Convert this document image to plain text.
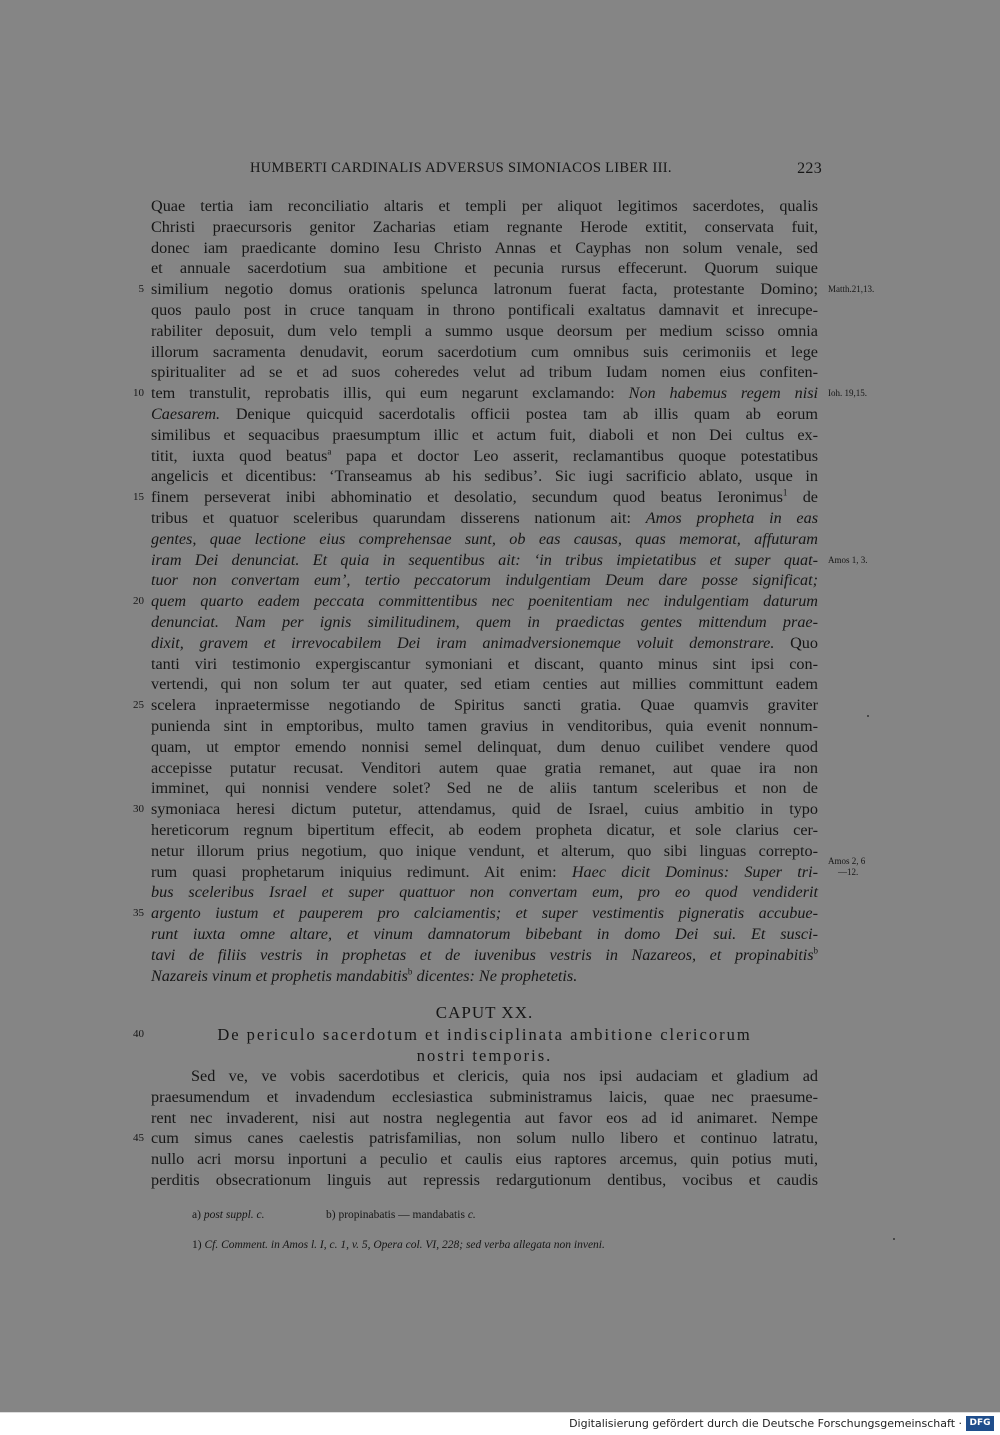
HUMBERTI CARDINALIS ADVERSUS SIMONIACOS LIBER III.	223
Quae tertia iam reconciliatio altaris et templi per aliquot legitimos sacerdotes, qualis
Christi praecursoris genitor Zacharias etiam regnante Herode extitit, conservata fuit,
donec iam praedicante domino Iesu Christo Annas et Cayphas non solum venale, sed
et annuale sacerdotium sua ambitione et pecunia rursus effecerunt. Quorum suique
similium negotio domus orationis spelunca latronum fuerat facta, protestante Domino;
5	Matth.21,13.
quos paulo post in cruce tanquam in throno pontificali exaltatus damnavit et inrecupe-
rabiliter deposuit, dum velo templi a summo usque deorsum per medium scisso omnia
illorum sacramenta denudavit, eorum sacerdotium cum omnibus suis cerimoniis et lege
spiritualiter ad se et ad suos coheredes velut ad tribum Iudam nomen eius confiten-
tem transtulit, reprobatis illis, qui eum negarunt exclamando: Non habemus regem nisi
10	Ioh. 19,15.
Caesarem. Denique quicquid sacerdotalis officii postea tam ab illis quam ab eorum
similibus et sequacibus praesumptum illic et actum fuit, diaboli et non Dei cultus ex-
titit, iuxta quod beatus$^a$ papa et doctor Leo asserit, reclamantibus quoque potestatibus
angelicis et dicentibus: ‘Transeamus ab his sedibus’. Sic iugi sacrificio ablato, usque in
finem perseverat inibi abhominatio et desolatio, secundum quod beatus Ieronimus$^1$ de
15
tribus et quatuor sceleribus quarundam disserens nationum ait: Amos propheta in eas
gentes, quae lectione eius comprehensae sunt, ob eas causas, quas memorat, affuturam
iram Dei denunciat. Et quia in sequentibus ait: ‘in tribus impietatibus et super quat- Amos 1, 3.
tuor non convertam eum’, tertio peccatorum indulgentiam Deum dare posse significat;
quem quarto eadem peccata committentibus nec poenitentiam nec indulgentiam daturum
20
denunciat. Nam per ignis similitudinem, quem in praedictas gentes mittendum prae-
dixit, gravem et irrevocabilem Dei iram animadversionemque voluit demonstrare. Quo
tanti viri testimonio expergiscantur symoniani et discant, quanto minus sint ipsi con-
vertendi, qui non solum ter aut quater, sed etiam centies aut millies committunt eadem
scelera inpraetermisse negotiando de Spiritus sancti gratia. Quae quamvis graviter
25
punienda sint in emptoribus, multo tamen gravius in venditoribus, quia evenit nonnum-
quam, ut emptor emendo nonnisi semel delinquat, dum denuo cuilibet vendere quod
accepisse putatur recusat. Venditori autem quae gratia remanet, aut quae ira non
imminet, qui nonnisi vendere solet? Sed ne de aliis tantum sceleribus et non de
symoniaca heresi dictum putetur, attendamus, quid de Israel, cuius ambitio in typo
30
hereticorum regnum bipertitum effecit, ab eodem propheta dicatur, et sole clarius cer-
netur illorum prius negotium, quo inique vendunt, et alterum, quo sibi linguas correpto-
rum quasi prophetarum iniquius redimunt. Ait enim: Haec dicit Dominus: Super tri-
Amos 2, 6
—12.
bus sceleribus Israel et super quattuor non convertam eum, pro eo quod vendiderit
argento iustum et pauperem pro calciamentis; et super vestimentis pigneratis accubue-
35
runt iuxta omne altare, et vinum damnatorum bibebant in domo Dei sui. Et susci-
tavi de filiis vestris in prophetas et de iuvenibus vestris in Nazareos, et propinabitis$^b$
Nazareis vinum et prophetis mandabitis$^b$ dicentes: Ne prophetetis.
CAPUT XX.
40	De periculo sacerdotum et indisciplinata ambitione clericorum
nostri temporis.
Sed ve, ve vobis sacerdotibus et clericis, quia nos ipsi audaciam et gladium ad
praesumendum et invadendum ecclesiastica subministramus laicis, quae nec praesume-
rent nec invaderent, nisi aut nostra neglegentia aut favor eos ad id animaret. Nempe
cum simus canes caelestis patrisfamilias, non solum nullo libero et continuo latratu,
45
nullo acri morsu inportuni a peculio et caulis eius raptores arcemus, quin potius muti,
perditis obsecrationum linguis aut repressis redargutionum dentibus, vocibus et caudis
a) post suppl. c.	b) propinabatis — mandabatis c.
1) Cf. Comment. in Amos l. I, c. 1, v. 5, Opera col. VI, 228; sed verba allegata non inveni.
Digitalisierung gefördert durch die Deutsche Forschungsgemeinschaft · DFG
